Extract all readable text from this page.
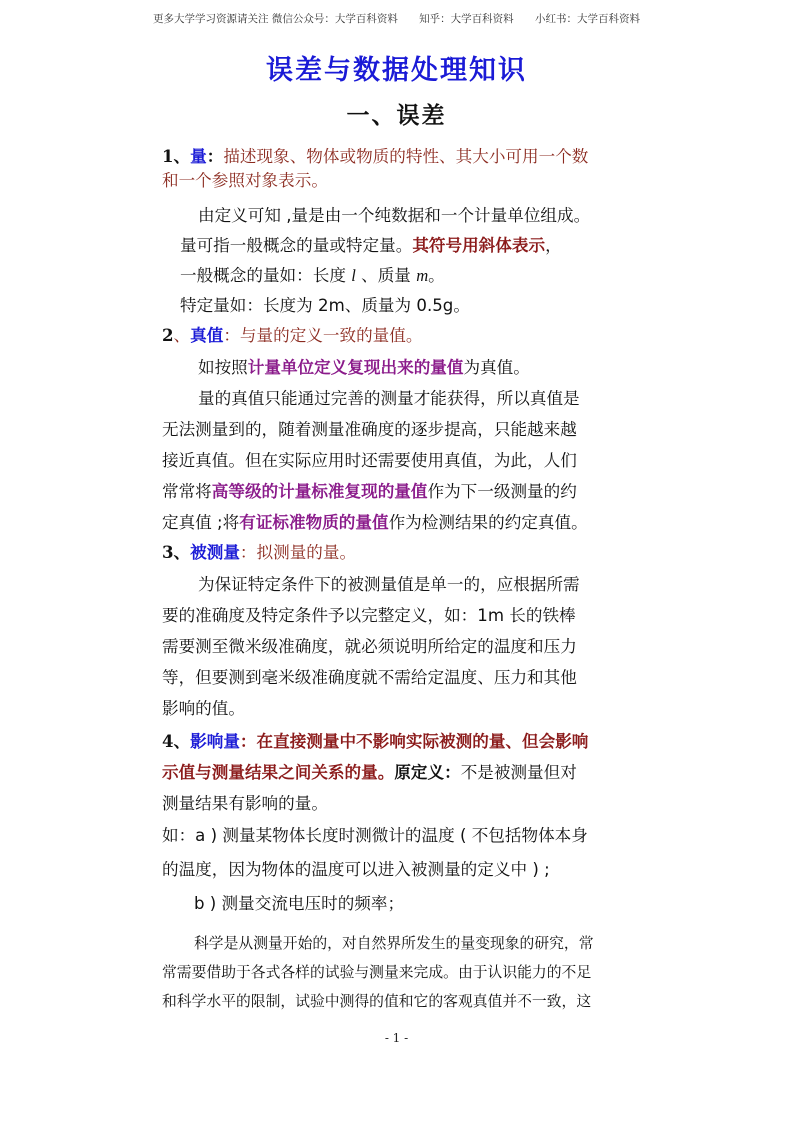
更多大学学习资源请关注 微信公众号：大学百科资料 知乎：大学百科资料 小红书：大学百科资料
误差与数据处理知识
一、误差
1、量：描述现象、物体或物质的特性、其大小可用一个数
和一个参照对象表示。
由定义可知 ,量是由一个纯数据和一个计量单位组成。
量可指一般概念的量或特定量。其符号用斜体表示，
一般概念的量如：长度 l 、质量 m。
特定量如：长度为 2m、质量为 0.5g。
2、真值：与量的定义一致的量值。
如按照计量单位定义复现出来的量值为真值。
量的真值只能通过完善的测量才能获得，所以真值是
无法测量到的，随着测量准确度的逐步提高，只能越来越
接近真值。但在实际应用时还需要使用真值，为此，人们
常常将高等级的计量标准复现的量值作为下一级测量的约
定真值 ;将有证标准物质的量值作为检测结果的约定真值。
3、被测量：拟测量的量。
为保证特定条件下的被测量值是单一的，应根据所需
要的准确度及特定条件予以完整定义，如：1m 长的铁棒
需要测至微米级准确度，就必须说明所给定的温度和压力
等，但要测到毫米级准确度就不需给定温度、压力和其他
影响的值。
4、影响量：在直接测量中不影响实际被测的量、但会影响
示值与测量结果之间关系的量。原定义：不是被测量但对
测量结果有影响的量。
如：a ) 测量某物体长度时测微计的温度 ( 不包括物体本身
的温度，因为物体的温度可以进入被测量的定义中 ) ;
b ) 测量交流电压时的频率；
科学是从测量开始的，对自然界所发生的量变现象的研究，常
常需要借助于各式各样的试验与测量来完成。由于认识能力的不足
和科学水平的限制，试验中测得的值和它的客观真值并不一致，这
- 1 -
